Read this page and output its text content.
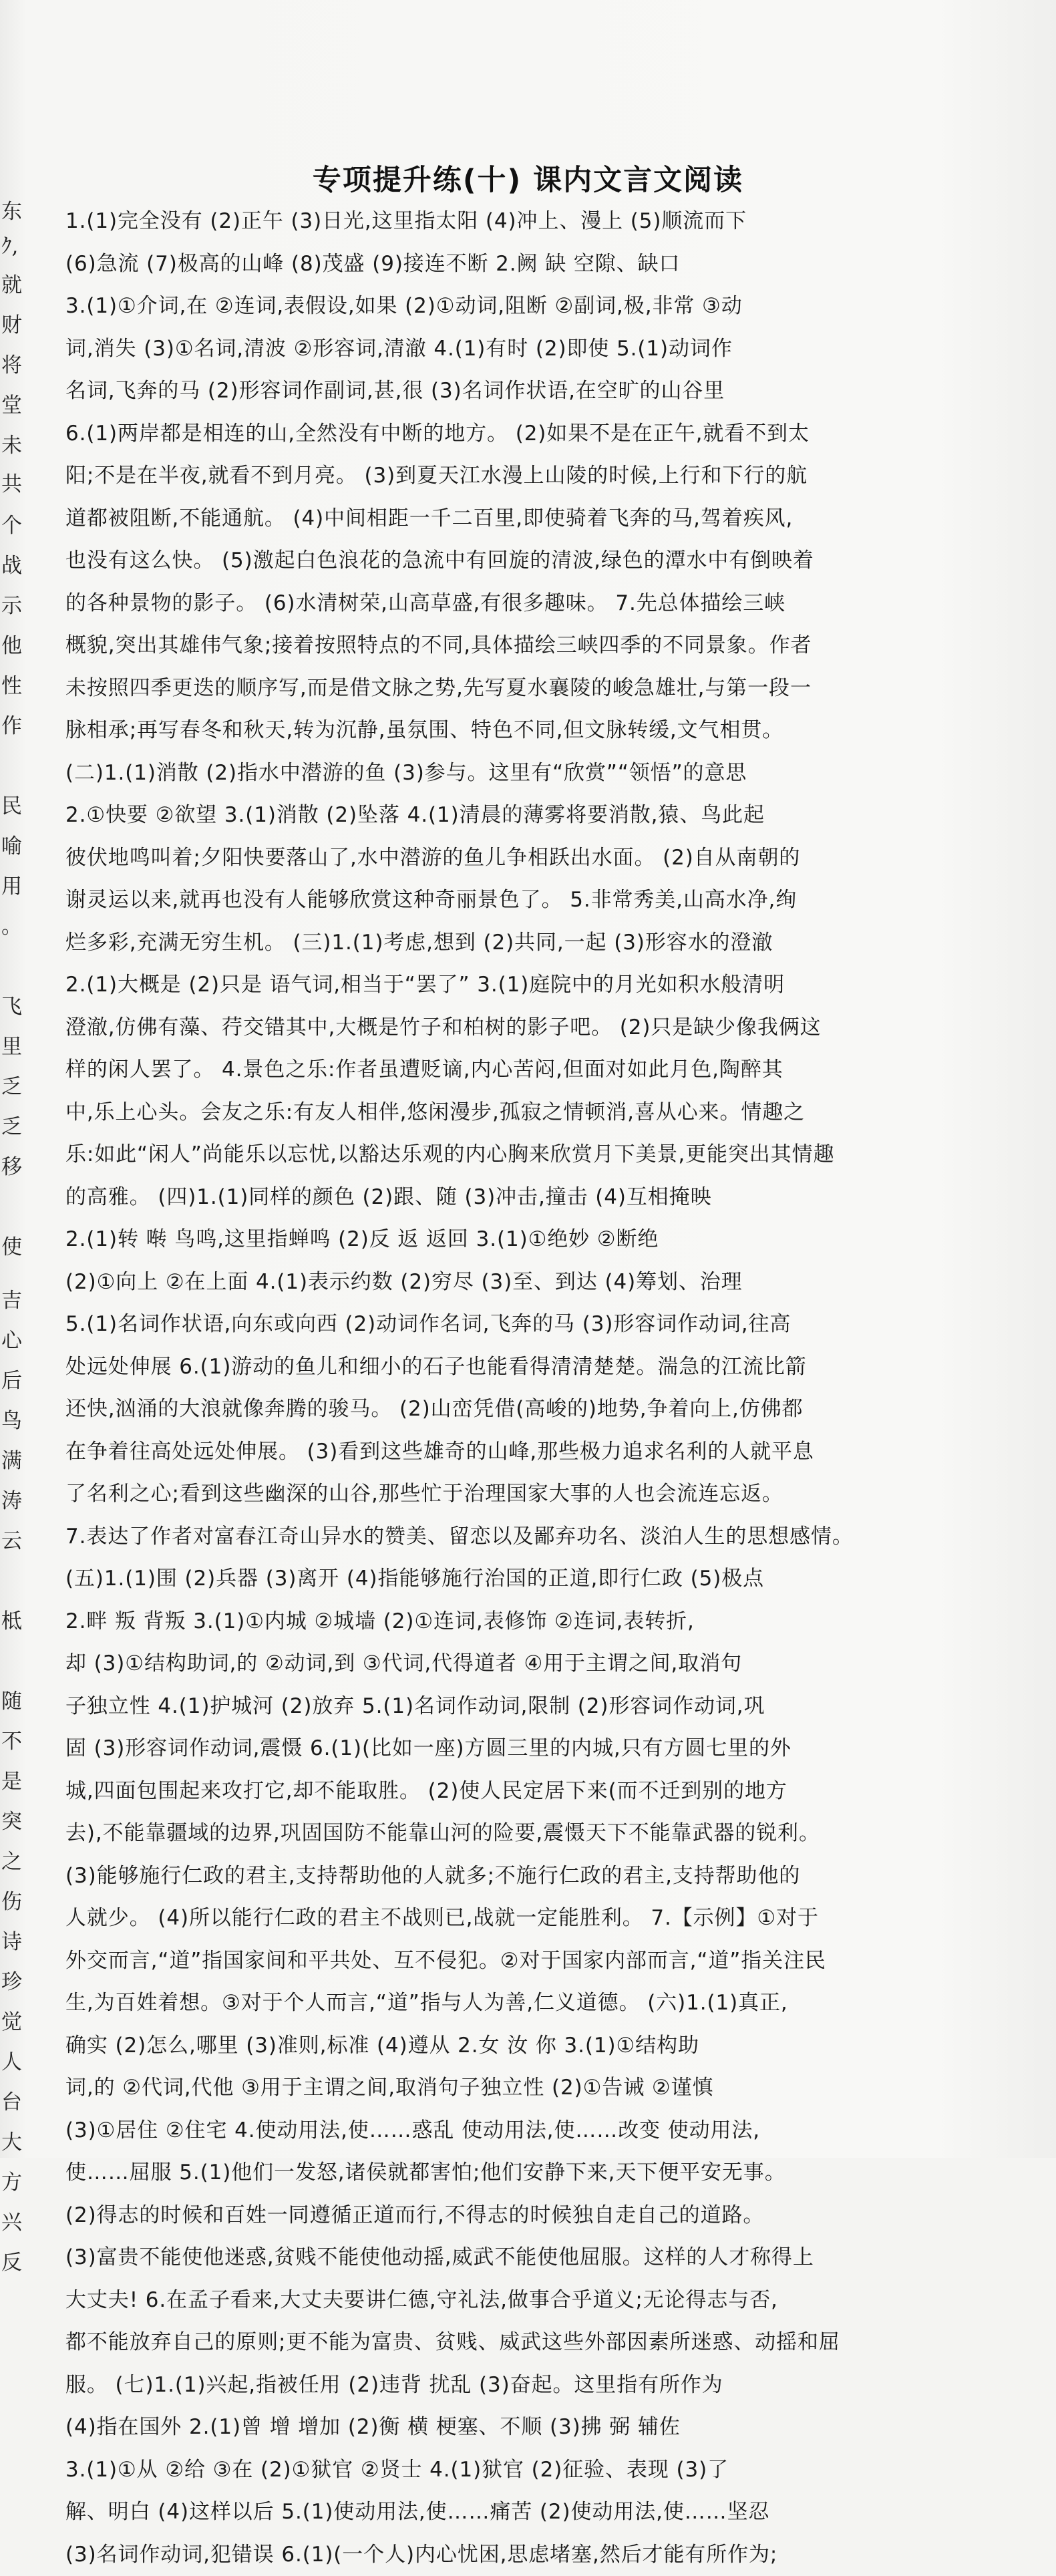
东
ｸ,
就
财
将
堂
未
共
个
战
示
他
性
作
民
喻
用
。
飞
里
乏
乏
移
使
吉
心
后
鸟
满
涛
云
柢
随
不
是
突
之
伤
诗
珍
觉
人
台
大
方
兴
反
专项提升练(十) 课内文言文阅读
1.(1)完全没有 (2)正午 (3)日光,这里指太阳 (4)冲上、漫上 (5)顺流而下
(6)急流 (7)极高的山峰 (8)茂盛 (9)接连不断 2.阙 缺 空隙、缺口
3.(1)①介词,在 ②连词,表假设,如果 (2)①动词,阻断 ②副词,极,非常 ③动
词,消失 (3)①名词,清波 ②形容词,清澈 4.(1)有时 (2)即使 5.(1)动词作
名词,飞奔的马 (2)形容词作副词,甚,很 (3)名词作状语,在空旷的山谷里
6.(1)两岸都是相连的山,全然没有中断的地方。 (2)如果不是在正午,就看不到太
阳;不是在半夜,就看不到月亮。 (3)到夏天江水漫上山陵的时候,上行和下行的航
道都被阻断,不能通航。 (4)中间相距一千二百里,即使骑着飞奔的马,驾着疾风,
也没有这么快。 (5)激起白色浪花的急流中有回旋的清波,绿色的潭水中有倒映着
的各种景物的影子。 (6)水清树荣,山高草盛,有很多趣味。 7.先总体描绘三峡
概貌,突出其雄伟气象;接着按照特点的不同,具体描绘三峡四季的不同景象。作者
未按照四季更迭的顺序写,而是借文脉之势,先写夏水襄陵的峻急雄壮,与第一段一
脉相承;再写春冬和秋天,转为沉静,虽氛围、特色不同,但文脉转缓,文气相贯。
(二)1.(1)消散 (2)指水中潜游的鱼 (3)参与。这里有“欣赏”“领悟”的意思
2.①快要 ②欲望 3.(1)消散 (2)坠落 4.(1)清晨的薄雾将要消散,猿、鸟此起
彼伏地鸣叫着;夕阳快要落山了,水中潜游的鱼儿争相跃出水面。 (2)自从南朝的
谢灵运以来,就再也没有人能够欣赏这种奇丽景色了。 5.非常秀美,山高水净,绚
烂多彩,充满无穷生机。 (三)1.(1)考虑,想到 (2)共同,一起 (3)形容水的澄澈
2.(1)大概是 (2)只是 语气词,相当于“罢了” 3.(1)庭院中的月光如积水般清明
澄澈,仿佛有藻、荇交错其中,大概是竹子和柏树的影子吧。 (2)只是缺少像我俩这
样的闲人罢了。 4.景色之乐:作者虽遭贬谪,内心苦闷,但面对如此月色,陶醉其
中,乐上心头。会友之乐:有友人相伴,悠闲漫步,孤寂之情顿消,喜从心来。情趣之
乐:如此“闲人”尚能乐以忘忧,以豁达乐观的内心胸来欣赏月下美景,更能突出其情趣
的高雅。 (四)1.(1)同样的颜色 (2)跟、随 (3)冲击,撞击 (4)互相掩映
2.(1)转 啭 鸟鸣,这里指蝉鸣 (2)反 返 返回 3.(1)①绝妙 ②断绝
(2)①向上 ②在上面 4.(1)表示约数 (2)穷尽 (3)至、到达 (4)筹划、治理
5.(1)名词作状语,向东或向西 (2)动词作名词,飞奔的马 (3)形容词作动词,往高
处远处伸展 6.(1)游动的鱼儿和细小的石子也能看得清清楚楚。湍急的江流比箭
还快,汹涌的大浪就像奔腾的骏马。 (2)山峦凭借(高峻的)地势,争着向上,仿佛都
在争着往高处远处伸展。 (3)看到这些雄奇的山峰,那些极力追求名利的人就平息
了名利之心;看到这些幽深的山谷,那些忙于治理国家大事的人也会流连忘返。
7.表达了作者对富春江奇山异水的赞美、留恋以及鄙弃功名、淡泊人生的思想感情。
(五)1.(1)围 (2)兵器 (3)离开 (4)指能够施行治国的正道,即行仁政 (5)极点
2.畔 叛 背叛 3.(1)①内城 ②城墙 (2)①连词,表修饰 ②连词,表转折,
却 (3)①结构助词,的 ②动词,到 ③代词,代得道者 ④用于主谓之间,取消句
子独立性 4.(1)护城河 (2)放弃 5.(1)名词作动词,限制 (2)形容词作动词,巩
固 (3)形容词作动词,震慑 6.(1)(比如一座)方圆三里的内城,只有方圆七里的外
城,四面包围起来攻打它,却不能取胜。 (2)使人民定居下来(而不迁到别的地方
去),不能靠疆域的边界,巩固国防不能靠山河的险要,震慑天下不能靠武器的锐利。
(3)能够施行仁政的君主,支持帮助他的人就多;不施行仁政的君主,支持帮助他的
人就少。 (4)所以能行仁政的君主不战则已,战就一定能胜利。 7.【示例】①对于
外交而言,“道”指国家间和平共处、互不侵犯。②对于国家内部而言,“道”指关注民
生,为百姓着想。③对于个人而言,“道”指与人为善,仁义道德。 (六)1.(1)真正,
确实 (2)怎么,哪里 (3)准则,标准 (4)遵从 2.女 汝 你 3.(1)①结构助
词,的 ②代词,代他 ③用于主谓之间,取消句子独立性 (2)①告诫 ②谨慎
(3)①居住 ②住宅 4.使动用法,使……惑乱 使动用法,使……改变 使动用法,
使……屈服 5.(1)他们一发怒,诸侯就都害怕;他们安静下来,天下便平安无事。
(2)得志的时候和百姓一同遵循正道而行,不得志的时候独自走自己的道路。
(3)富贵不能使他迷惑,贫贱不能使他动摇,威武不能使他屈服。这样的人才称得上
大丈夫! 6.在孟子看来,大丈夫要讲仁德,守礼法,做事合乎道义;无论得志与否,
都不能放弃自己的原则;更不能为富贵、贫贱、威武这些外部因素所迷惑、动摇和屈
服。 (七)1.(1)兴起,指被任用 (2)违背 扰乱 (3)奋起。这里指有所作为
(4)指在国外 2.(1)曾 增 增加 (2)衡 横 梗塞、不顺 (3)拂 弼 辅佐
3.(1)①从 ②给 ③在 (2)①狱官 ②贤士 4.(1)狱官 (2)征验、表现 (3)了
解、明白 (4)这样以后 5.(1)使动用法,使……痛苦 (2)使动用法,使……坚忍
(3)名词作动词,犯错误 6.(1)(一个人)内心忧困,思虑堵塞,然后才能有所作为;
